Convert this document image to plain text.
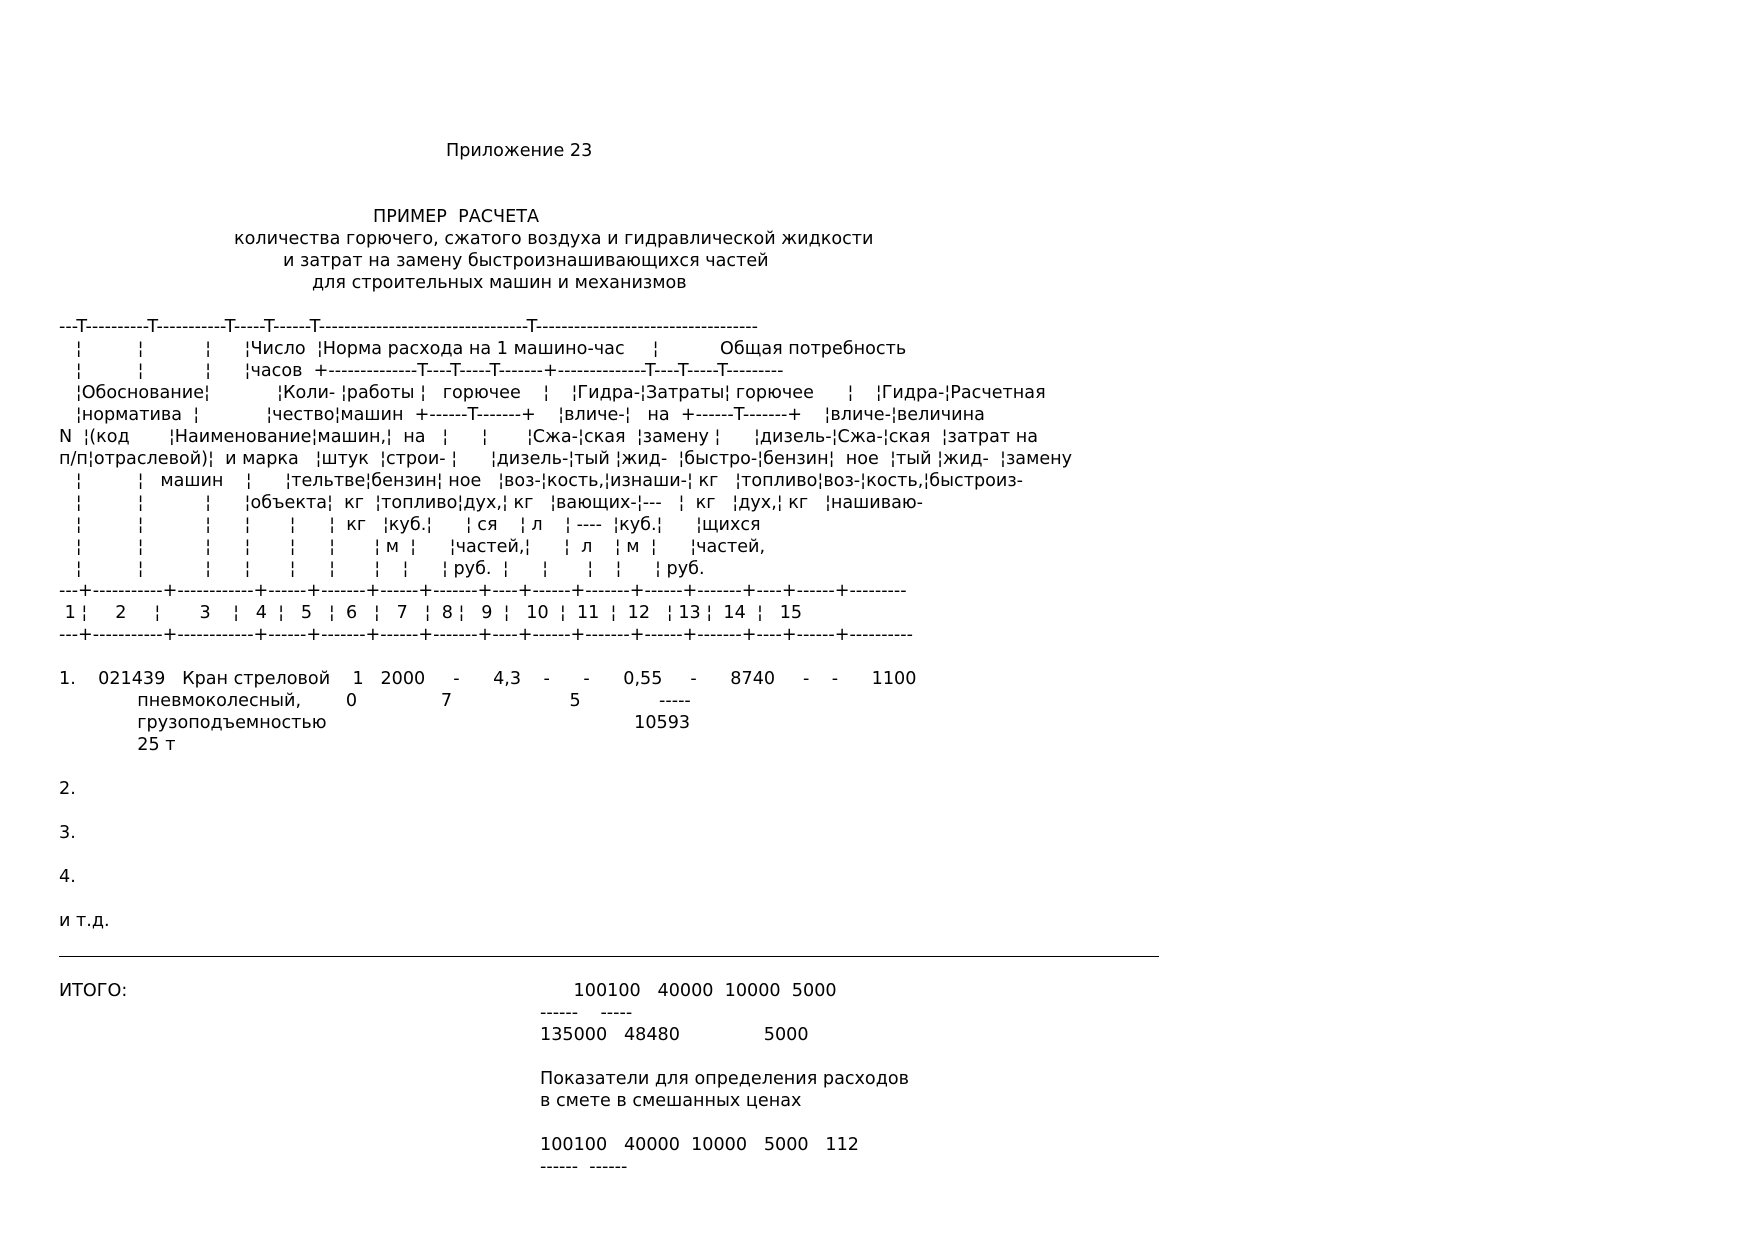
Приложение 23

ПРИМЕР  РАСЧЕТА

количества горючего, сжатого воздуха и гидравлической жидкости

и затрат на замену быстроизнашивающихся частей

для строительных машин и механизмов

---T----------T-----------T-----T------T---------------------------------T-----------------------------------

¦          ¦           ¦      ¦Число  ¦Норма расхода на 1 машино-час     ¦           Общая потребность

¦          ¦           ¦      ¦часов  +--------------T----T-----T-------+--------------T----T-----T---------

¦Обоснование¦            ¦Коли- ¦работы ¦   горючее    ¦    ¦Гидра-¦Затраты¦ горючее      ¦    ¦Гидра-¦Расчетная

¦норматива  ¦            ¦чество¦машин  +------T-------+    ¦вличе-¦   на  +------T-------+    ¦вличе-¦величина

N  ¦(код       ¦Наименование¦машин,¦  на   ¦      ¦       ¦Сжа-¦ская  ¦замену ¦      ¦дизель-¦Сжа-¦ская  ¦затрат на

п/п¦отраслевой)¦  и марка   ¦штук  ¦строи- ¦      ¦дизель-¦тый ¦жид-  ¦быстро-¦бензин¦  ное  ¦тый ¦жид-  ¦замену

¦          ¦   машин    ¦      ¦тельтве¦бензин¦ ное   ¦воз-¦кость,¦изнаши-¦ кг   ¦топливо¦воз-¦кость,¦быстроиз-

¦          ¦           ¦      ¦объекта¦  кг  ¦топливо¦дух,¦ кг   ¦вающих-¦---   ¦  кг   ¦дух,¦ кг   ¦нашиваю-

¦          ¦           ¦      ¦       ¦      ¦  кг   ¦куб.¦      ¦ ся    ¦ л    ¦ ----  ¦куб.¦      ¦щихся

¦          ¦           ¦      ¦       ¦      ¦       ¦ м  ¦      ¦частей,¦      ¦  л    ¦ м  ¦      ¦частей,

¦          ¦           ¦      ¦       ¦      ¦       ¦    ¦      ¦ руб.  ¦      ¦       ¦    ¦      ¦ руб.

---+-----------+------------+------+-------+------+-------+----+------+-------+------+-------+----+------+---------

1 ¦     2     ¦       3    ¦   4  ¦   5   ¦  6   ¦   7   ¦  8 ¦   9  ¦   10  ¦  11  ¦  12   ¦ 13 ¦  14  ¦   15

---+-----------+------------+------+-------+------+-------+----+------+-------+------+-------+----+------+----------

1.    021439   Кран стреловой    1   2000     -      4,3    -      -      0,55     -      8740     -    -      1100

пневмоколесный,        0               7                     5              -----

грузоподъемностью                                                       10593

25 т

2.

3.

4.

и т.д.

ИТОГО:	100100   40000  10000  5000

------    -----

135000   48480               5000

Показатели для определения расходов

в смете в смешанных ценах

100100   40000  10000   5000   112

------  ------
